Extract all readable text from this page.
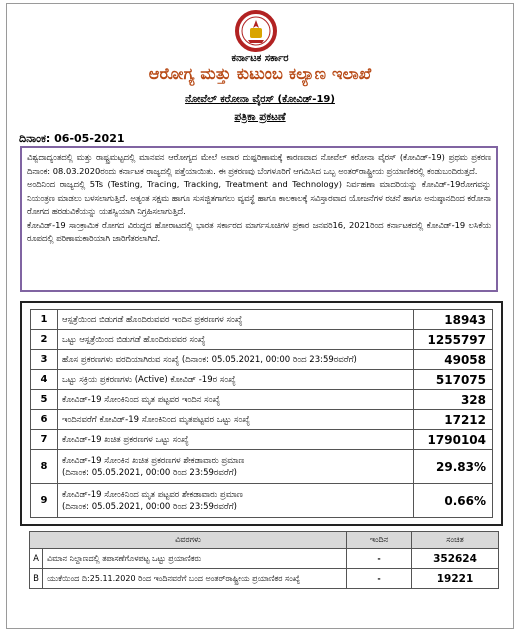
ಕರ್ನಾಟಕ ಸರ್ಕಾರ
ಆರೋಗ್ಯ ಮತ್ತು ಕುಟುಂಬ ಕಲ್ಯಾಣ ಇಲಾಖೆ
ನೋವೆಲ್ ಕರೋನಾ ವೈರಸ್ (ಕೋವಿಡ್-19)
ಪತ್ರಿಕಾ ಪ್ರಕಟಣೆ
ದಿನಾಂಕ: 06-05-2021

ವಿಶ್ವದಾದ್ಯಂತದಲ್ಲಿ ಮತ್ತು ರಾಷ್ಟ್ರಮಟ್ಟದಲ್ಲಿ ಮಾನವನ ಆರೋಗ್ಯದ ಮೇಲೆ ಅಪಾರ ದುಷ್ಪರಿಣಾಮಕ್ಕೆ ಕಾರಣವಾದ ನೋವೆಲ್ ಕರೋನಾ ವೈರಸ್ (ಕೋವಿಡ್-19) ಪ್ರಥಮ ಪ್ರಕರಣ ದಿನಾಂಕ: 08.03.2020ರಂದು ಕರ್ನಾಟಕ ರಾಜ್ಯದಲ್ಲಿ ಪತ್ತೆಯಾಯಿತು. ಈ ಪ್ರಕರಣವು ಬೆಂಗಳೂರಿಗೆ ಆಗಮಿಸಿದ ಒಬ್ಬ ಅಂತರ್‌ರಾಷ್ಟ್ರೀಯ ಪ್ರಯಾಣಿಕರಲ್ಲಿ ಕಂಡುಬಂದಿರುತ್ತದೆ.

ಅಂದಿನಿಂದ ರಾಜ್ಯದಲ್ಲಿ 5Ts (Testing, Tracing, Tracking, Treatment and Technology) ನಿರ್ವಹಣಾ ಮಾದರಿಯನ್ನು ಕೋವಿಡ್-19ರೋಗವನ್ನು ನಿಯಂತ್ರಣ ಮಾಡಲು ಬಳಸಲಾಗುತ್ತಿದೆ. ಅತ್ಯಂತ ಸಕ್ಷಮ ಹಾಗೂ ಸುಸಜ್ಜಿತಗಾಗಲು ವ್ಯವಸ್ಥೆ ಹಾಗೂ ಕಾಲಕಾಲಕ್ಕೆ ಸವಿಸ್ತಾರವಾದ ಯೋಜನೆಗಳ ರಚನೆ ಹಾಗೂ ಅನುಷ್ಠಾನದಿಂದ ಕರೋನಾ ರೋಗದ ಹರಡುವಿಕೆಯನ್ನು ಯಶಸ್ವಿಯಾಗಿ ನಿಗ್ರಹಿಸಲಾಗುತ್ತಿದೆ.

ಕೋವಿಡ್-19 ಸಾಂಕ್ರಾಮಿಕ ರೋಗದ ವಿರುದ್ಧದ ಹೋರಾಟದಲ್ಲಿ ಭಾರತ ಸರ್ಕಾರದ ಮಾರ್ಗಸೂಚಿಗಳ ಪ್ರಕಾರ ಜನವರಿ16, 2021ರಿಂದ ಕರ್ನಾಟಕದಲ್ಲಿ ಕೋವಿಡ್-19 ಲಸಿಕೆಯ ರೂಪದಲ್ಲಿ ಪರಿಣಾಮಕಾರಿಯಾಗಿ ಜಾರಿಗೆತರಲಾಗಿದೆ.

1	ಆಸ್ಪತ್ರೆಯಿಂದ ಬಿಡುಗಡೆ ಹೊಂದಿರುವವರ ಇಂದಿನ ಪ್ರಕರಣಗಳ ಸಂಖ್ಯೆ	18943
2	ಒಟ್ಟು ಆಸ್ಪತ್ರೆಯಿಂದ ಬಿಡುಗಡೆ ಹೊಂದಿರುವವರ ಸಂಖ್ಯೆ	1255797
3	ಹೊಸ ಪ್ರಕರಣಗಳು ವರದಿಯಾಗಿರುವ ಸಂಖ್ಯೆ (ದಿನಾಂಕ: 05.05.2021, 00:00 ರಿಂದ 23:59ರವರೆಗೆ)	49058
4	ಒಟ್ಟು ಸಕ್ರಿಯ ಪ್ರಕರಣಗಳು (Active) ಕೋವಿಡ್ -19ರ ಸಂಖ್ಯೆ	517075
5	ಕೋವಿಡ್-19 ಸೋಂಕಿನಿಂದ ಮೃತ ಪಟ್ಟವರ ಇಂದಿನ ಸಂಖ್ಯೆ	328
6	ಇಂದಿನವರೆಗೆ ಕೋವಿಡ್-19 ಸೋಂಕಿನಿಂದ ಮೃತಪಟ್ಟವರ ಒಟ್ಟು ಸಂಖ್ಯೆ	17212
7	ಕೋವಿಡ್-19 ಖಚಿತ ಪ್ರಕರಣಗಳ ಒಟ್ಟು ಸಂಖ್ಯೆ	1790104
8	ಕೋವಿಡ್-19 ಸೋಂಕಿನ ಖಚಿತ ಪ್ರಕರಣಗಳ ಶೇಕಡಾವಾರು ಪ್ರಮಾಣ
(ದಿನಾಂಕ: 05.05.2021, 00:00 ರಿಂದ 23:59ರವರೆಗೆ)	29.83%
9	ಕೋವಿಡ್-19 ಸೋಂಕಿನಿಂದ ಮೃತ ಪಟ್ಟವರ ಶೇಕಡಾವಾರು ಪ್ರಮಾಣ
(ದಿನಾಂಕ: 05.05.2021, 00:00 ರಿಂದ 23:59ರವರೆಗೆ)	0.66%
ವಿವರಗಳು		ಇಂದಿನ	ಸಂಚಿತ
A	ವಿಮಾನ ನಿಲ್ದಾಣದಲ್ಲಿ ತಪಾಸಣೆಗೊಳಪಟ್ಟ ಒಟ್ಟು ಪ್ರಯಾಣಿಕರು	-	352624
B	ಯುಕೆಯಿಂದ ದಿ:25.11.2020 ರಿಂದ ಇಂದಿನವರೆಗೆ ಬಂದ ಅಂತರ್‌ರಾಷ್ಟ್ರೀಯ ಪ್ರಯಾಣಿಕರ ಸಂಖ್ಯೆ	-	19221
